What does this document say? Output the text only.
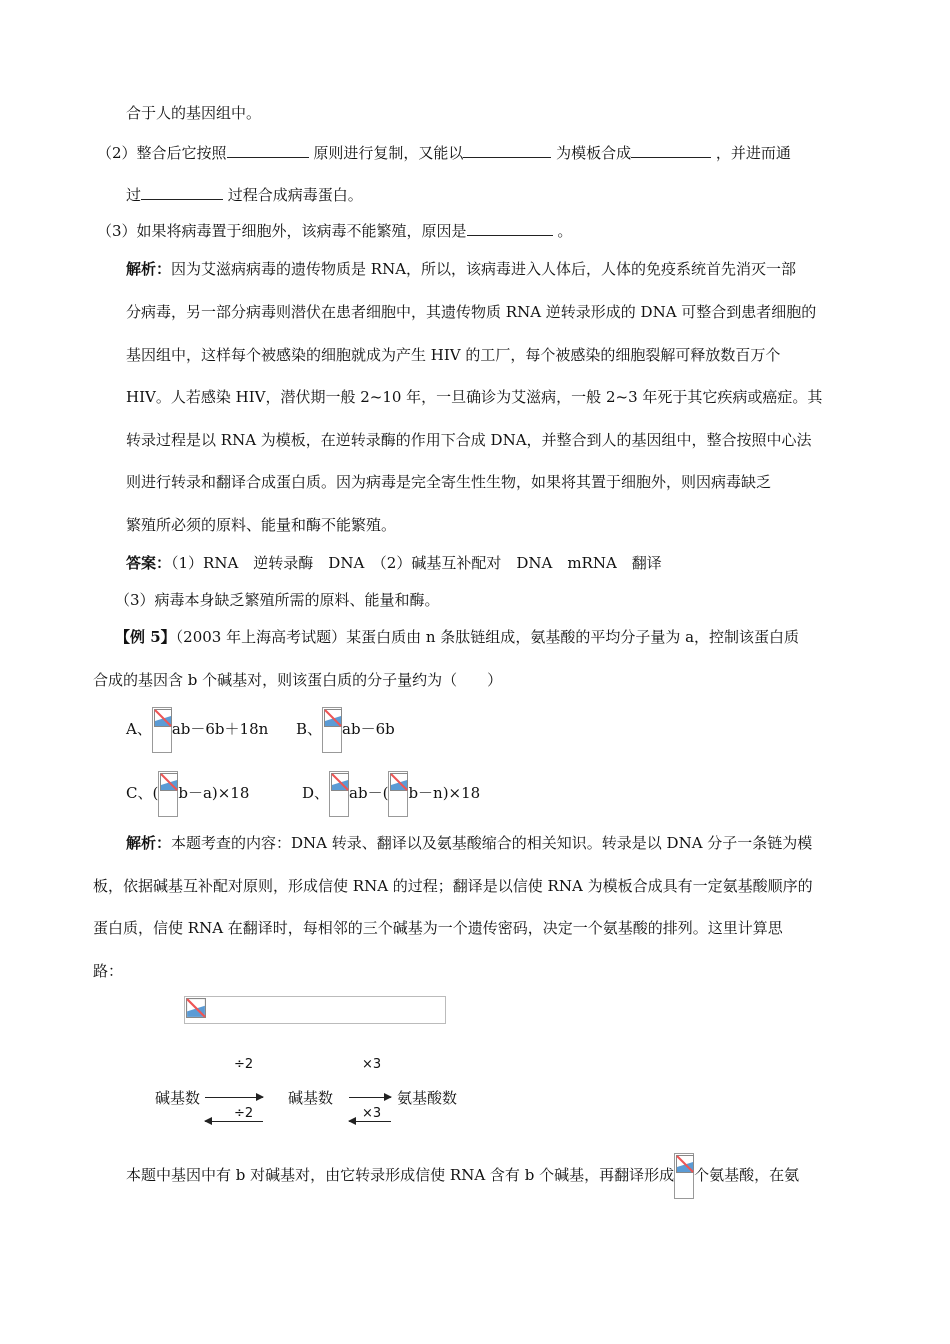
合于人的基因组中。
（2）整合后它按照	原则进行复制，又能以	为模板合成	，并进而通
过	过程合成病毒蛋白。
（3）如果将病毒置于细胞外，该病毒不能繁殖，原因是	。
解析：因为艾滋病病毒的遗传物质是 RNA，所以，该病毒进入人体后，人体的免疫系统首先消灭一部
分病毒，另一部分病毒则潜伏在患者细胞中，其遗传物质 RNA 逆转录形成的 DNA 可整合到患者细胞的
基因组中，这样每个被感染的细胞就成为产生 HIV 的工厂，每个被感染的细胞裂解可释放数百万个
HIV。人若感染 HIV，潜伏期一般 2~10 年，一旦确诊为艾滋病，一般 2~3 年死于其它疾病或癌症。其
转录过程是以 RNA 为模板，在逆转录酶的作用下合成 DNA，并整合到人的基因组中，整合按照中心法
则进行转录和翻译合成蛋白质。因为病毒是完全寄生性生物，如果将其置于细胞外，则因病毒缺乏
繁殖所必须的原料、能量和酶不能繁殖。
答案：（1）RNA　逆转录酶　DNA　（2）碱基互补配对　DNA　mRNA　翻译
（3）病毒本身缺乏繁殖所需的原料、能量和酶。
【例 5】（2003 年上海高考试题）某蛋白质由 n 条肽链组成，氨基酸的平均分子量为 a，控制该蛋白质
合成的基因含 b 个碱基对，则该蛋白质的分子量约为（　　）
A、 ab－6b＋18n B、 ab－6b
C、( b－a)×18	D、 ab－( b－n)×18
解析：本题考查的内容：DNA 转录、翻译以及氨基酸缩合的相关知识。转录是以 DNA 分子一条链为模
板，依据碱基互补配对原则，形成信使 RNA 的过程；翻译是以信使 RNA 为模板合成具有一定氨基酸顺序的
蛋白质，信使 RNA 在翻译时，每相邻的三个碱基为一个遗传密码，决定一个氨基酸的排列。这里计算思
路：
÷2
碱基数
÷2
碱基数
×3
氨基酸数
×3
本题中基因中有 b 对碱基对，由它转录形成信使 RNA 含有 b 个碱基，再翻译形成 个氨基酸，在氨
